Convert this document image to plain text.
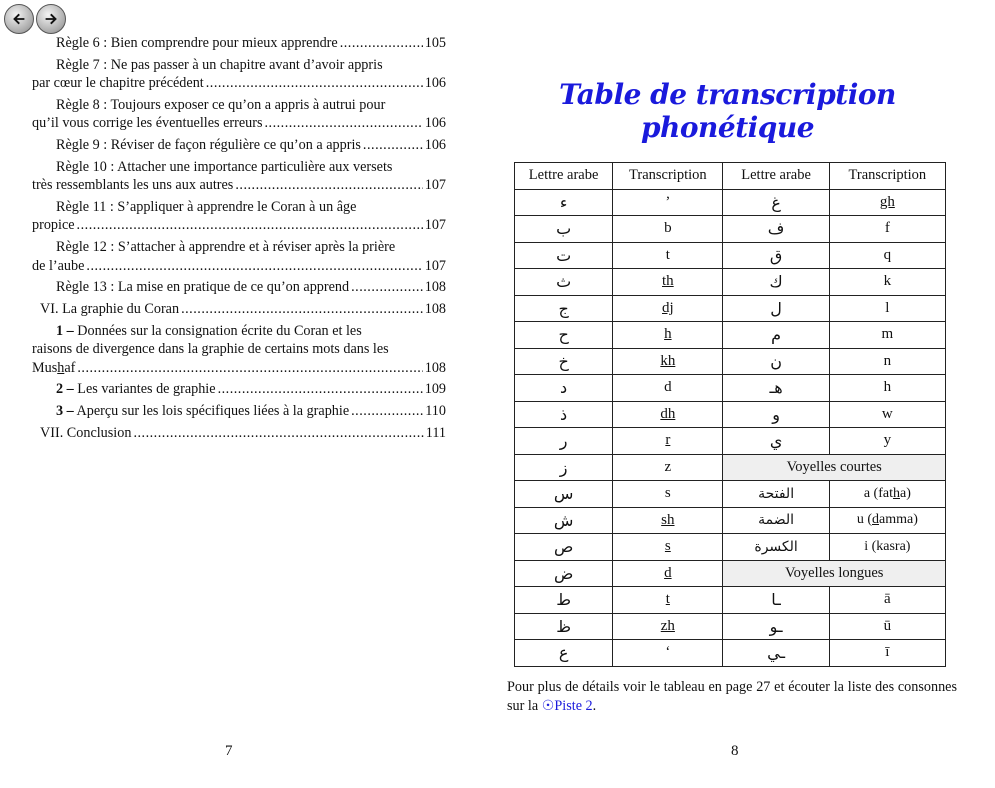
Règle 6 : Bien comprendre pour mieux apprendre .....	105
Règle 7 : Ne pas passer à un chapitre avant d’avoir appris
par cœur le chapitre précédent .....	106
Règle 8 : Toujours exposer ce qu’on a appris à autrui pour
qu’il vous corrige les éventuelles erreurs .....	106
Règle 9 : Réviser de façon régulière ce qu’on a appris .....	106
Règle 10 : Attacher une importance particulière aux versets
très ressemblants les uns aux autres .....	107
Règle 11 : S’appliquer à apprendre le Coran à un âge
propice .....	107
Règle 12 : S’attacher à apprendre et à réviser après la prière
de l’aube .....	107
Règle 13 : La mise en pratique de ce qu’on apprend .....	108
VI. La graphie du Coran .....	108
1 – Données sur la consignation écrite du Coran et les
raisons de divergence dans la graphie de certains mots dans les
Mushaf .....	108
2 – Les variantes de graphie .....	109
3 – Aperçu sur les lois spécifiques liées à la graphie .....	110
VII. Conclusion .....	111
7
Table de transcription phonétique
Lettre arabe	Transcription	Lettre arabe	Transcription
ء	’	غ	gh
ب	b	ف	f
ت	t	ق	q
ث	th	ك	k
ج	dj	ل	l
ح	h	م	m
خ	kh	ن	n
د	d	هـ	h
ذ	dh	و	w
ر	r	ي	y
ز	z	Voyelles courtes	
س	s	الفتحة	a (fatha)
ش	sh	الضمة	u (damma)
ص	s	الكسرة	i (kasra)
ض	d	Voyelles longues	
ط	t	ـا	ā
ظ	zh	ـو	ū
ع	‘	ـي	ī
Pour plus de détails voir le tableau en page 27 et écouter la liste des consonnes sur la ☉Piste 2.
8
